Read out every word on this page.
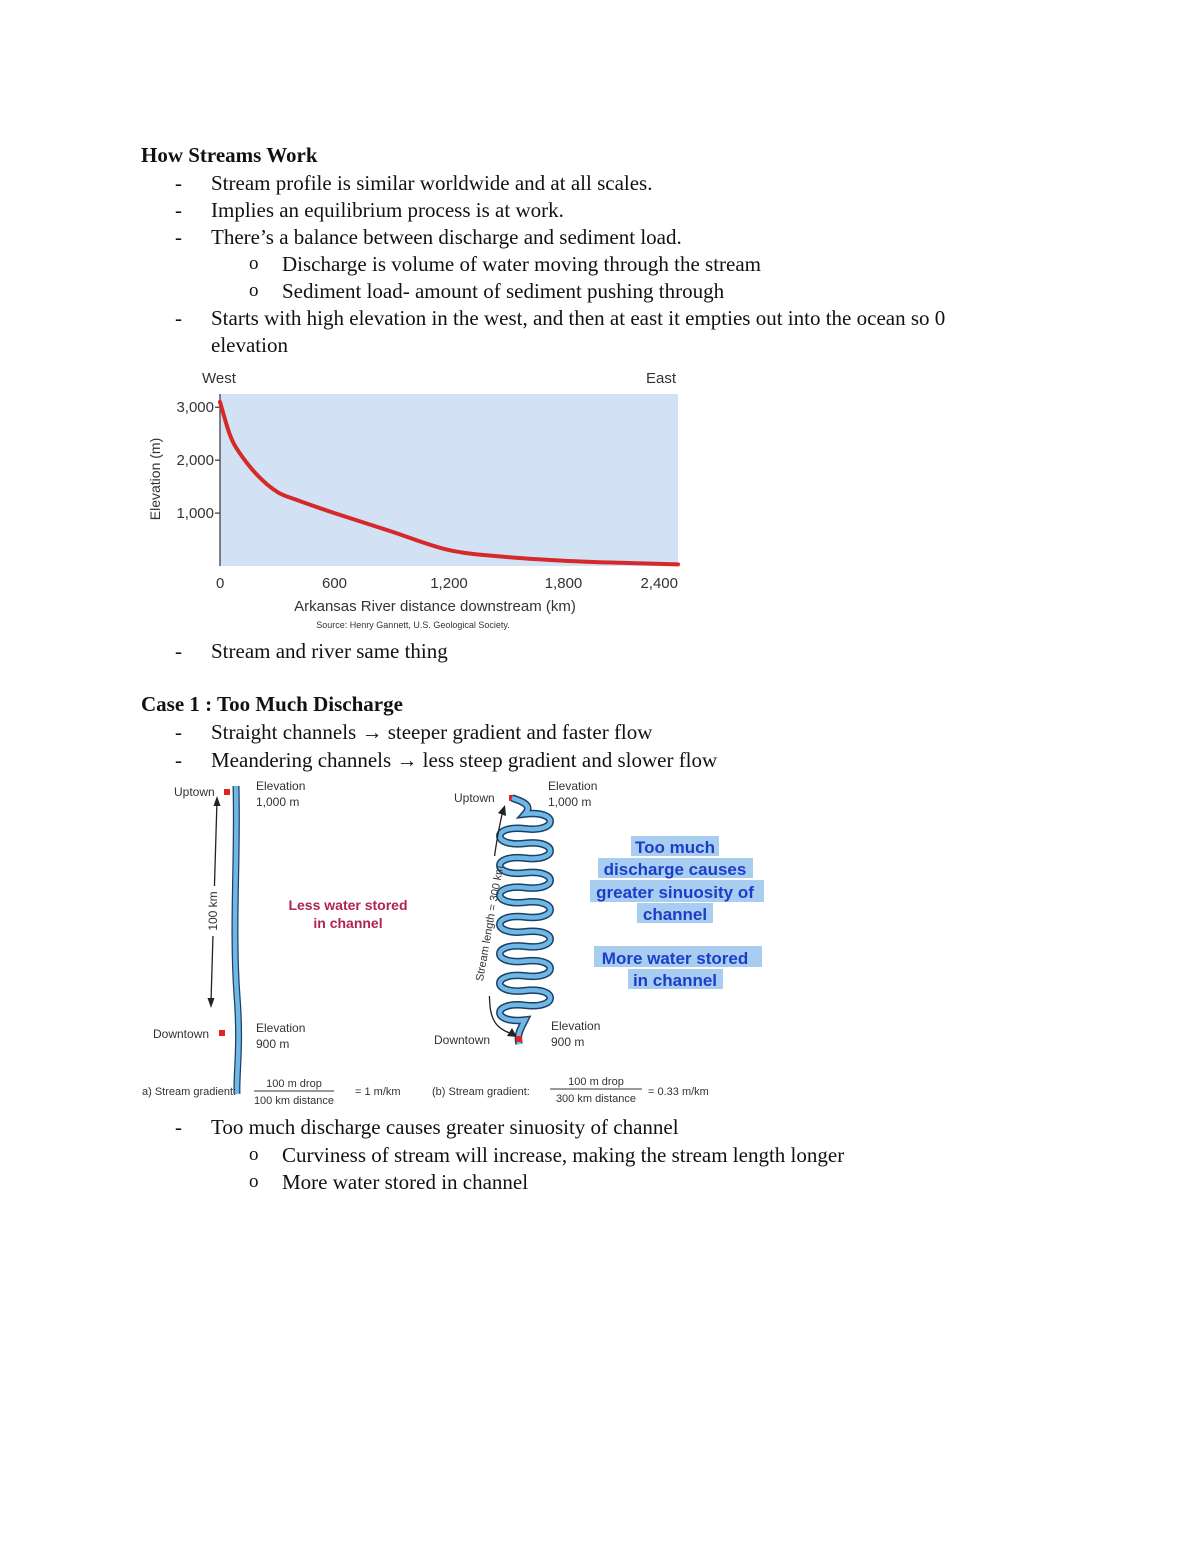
How Streams Work
- Stream profile is similar worldwide and at all scales.
- Implies an equilibrium process is at work.
- There’s a balance between discharge and sediment load.
o Discharge is volume of water moving through the stream
o Sediment load- amount of sediment pushing through
- Starts with high elevation in the west, and then at east it empties out into the ocean so 0
elevation
West	East
1,000
2,000
3,000
0	600	1,200	1,800	2,400
Elevation (m)
Arkansas River distance downstream (km)
Source: Henry Gannett, U.S. Geological Society.
- Stream and river same thing
Case 1 : Too Much Discharge
- Straight channels → steeper gradient and faster flow
- Meandering channels → less steep gradient and slower flow
Uptown	Elevation
1,000 m
100 km
Downtown	Elevation
900 m
Less water stored
in channel
a) Stream gradient:
100 m drop
100 km distance
= 1 m/km
Uptown
Elevation
1,000 m
Stream length = 300 km
Downtown
Elevation
900 m
Too much
discharge causes
greater sinuosity of
channel
More water stored
in channel
(b) Stream gradient:
100 m drop
300 km distance
= 0.33 m/km
- Too much discharge causes greater sinuosity of channel
o Curviness of stream will increase, making the stream length longer
o More water stored in channel
